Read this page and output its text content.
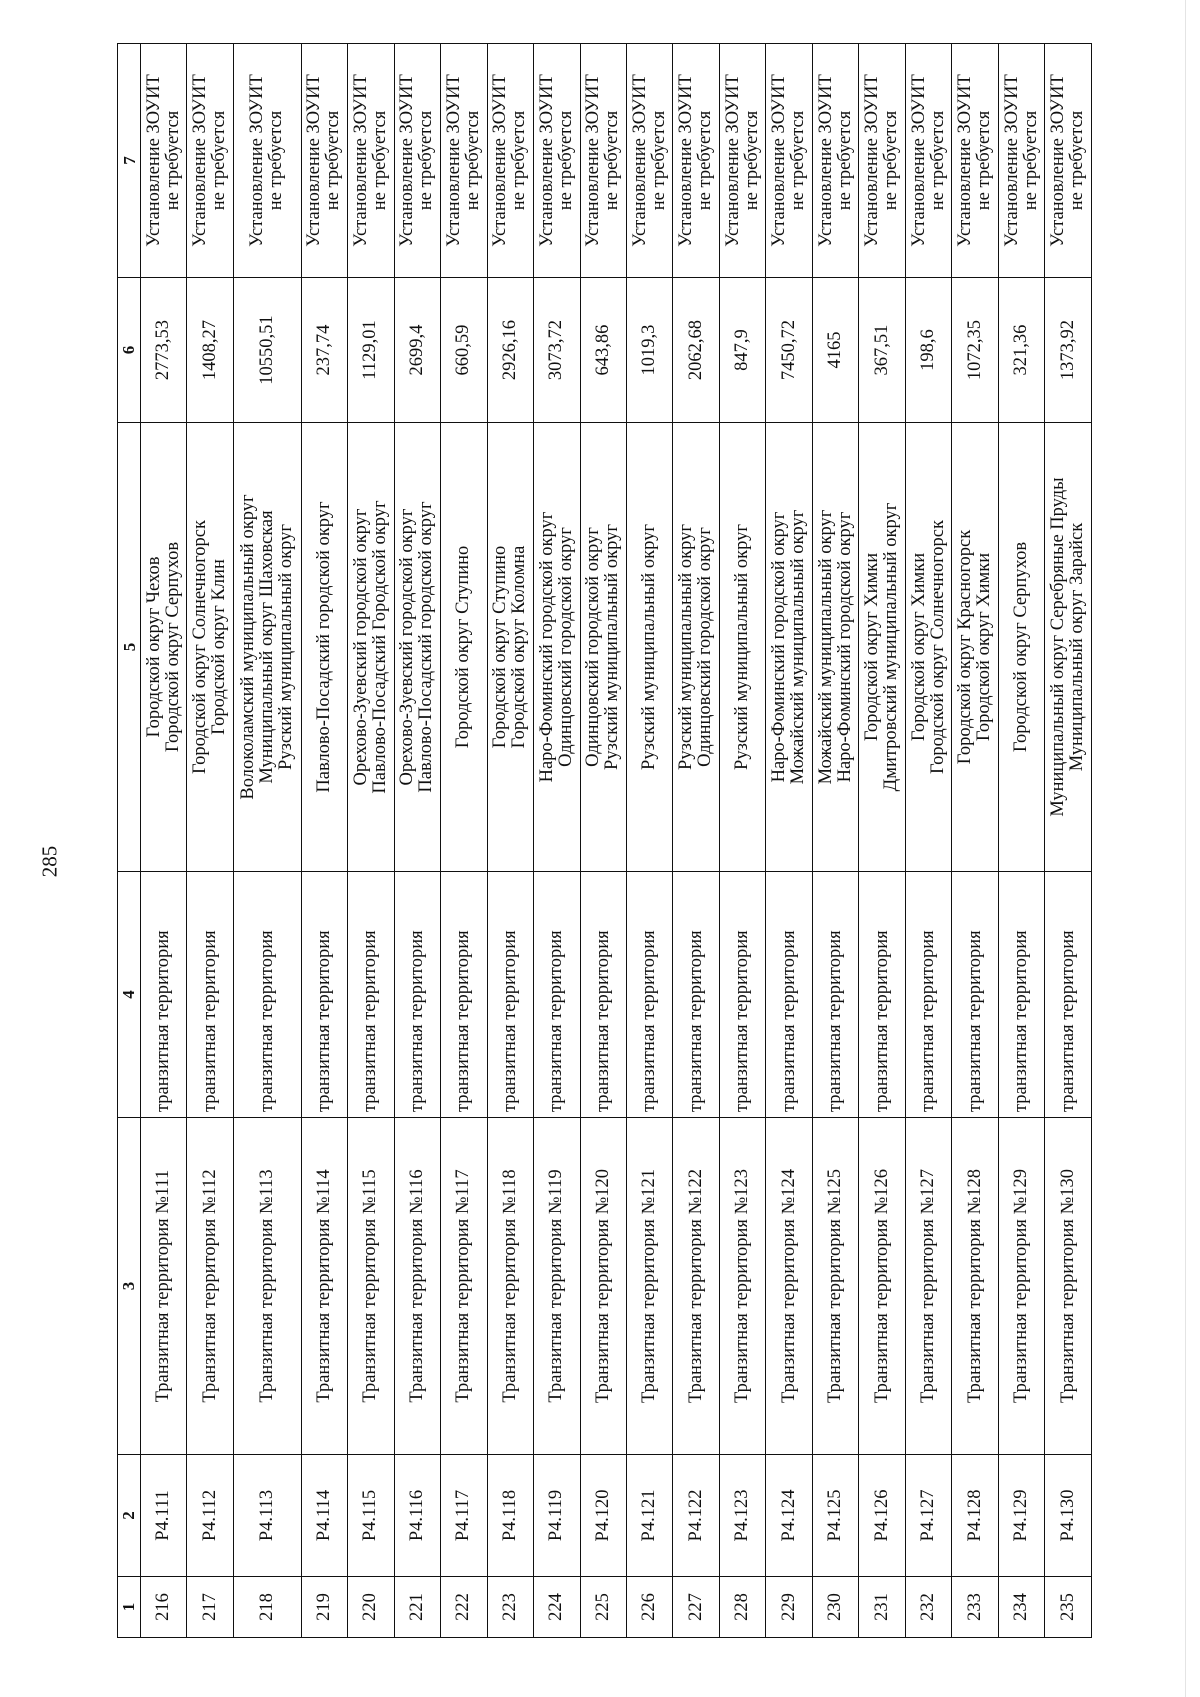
285
1	2	3	4	5	6	7
216	Р4.111	Транзитная территория №111	транзитная территория	Городской округ Чехов Городской округ Серпухов	2773,53	Установление ЗОУИТ не требуется

217	Р4.112	Транзитная территория №112	транзитная территория	Городской округ Солнечногорск Городской округ Клин	1408,27	Установление ЗОУИТ не требуется

218	Р4.113	Транзитная территория №113	транзитная территория	Волоколамский муниципальный округ Муниципальный округ Шаховская Рузский муниципальный округ	10550,51	Установление ЗОУИТ не требуется

219	Р4.114	Транзитная территория №114	транзитная территория	Павлово-Посадский городской округ	237,74	Установление ЗОУИТ не требуется

220	Р4.115	Транзитная территория №115	транзитная территория	Орехово-Зуевский городской округ Павлово-Посадский Городской округ	1129,01	Установление ЗОУИТ не требуется

221	Р4.116	Транзитная территория №116	транзитная территория	Орехово-Зуевский городской округ Павлово-Посадский городской округ	2699,4	Установление ЗОУИТ не требуется

222	Р4.117	Транзитная территория №117	транзитная территория	Городской округ Ступино	660,59	Установление ЗОУИТ не требуется

223	Р4.118	Транзитная территория №118	транзитная территория	Городской округ Ступино Городской округ Коломна	2926,16	Установление ЗОУИТ не требуется

224	Р4.119	Транзитная территория №119	транзитная территория	Наро-Фоминский городской округ Одинцовский городской округ	3073,72	Установление ЗОУИТ не требуется

225	Р4.120	Транзитная территория №120	транзитная территория	Одинцовский городской округ Рузский муниципальный округ	643,86	Установление ЗОУИТ не требуется

226	Р4.121	Транзитная территория №121	транзитная территория	Рузский муниципальный округ	1019,3	Установление ЗОУИТ не требуется

227	Р4.122	Транзитная территория №122	транзитная территория	Рузский муниципальный округ Одинцовский городской округ	2062,68	Установление ЗОУИТ не требуется

228	Р4.123	Транзитная территория №123	транзитная территория	Рузский муниципальный округ	847,9	Установление ЗОУИТ не требуется

229	Р4.124	Транзитная территория №124	транзитная территория	Наро-Фоминский городской округ Можайский муниципальный округ	7450,72	Установление ЗОУИТ не требуется

230	Р4.125	Транзитная территория №125	транзитная территория	Можайский муниципальный округ Наро-Фоминский городской округ	4165	Установление ЗОУИТ не требуется

231	Р4.126	Транзитная территория №126	транзитная территория	Городской округ Химки Дмитровский муниципальный округ	367,51	Установление ЗОУИТ не требуется

232	Р4.127	Транзитная территория №127	транзитная территория	Городской округ Химки Городской округ Солнечногорск	198,6	Установление ЗОУИТ не требуется

233	Р4.128	Транзитная территория №128	транзитная территория	Городской округ Красногорск Городской округ Химки	1072,35	Установление ЗОУИТ не требуется

234	Р4.129	Транзитная территория №129	транзитная территория	Городской округ Серпухов	321,36	Установление ЗОУИТ не требуется

235	Р4.130	Транзитная территория №130	транзитная территория	Муниципальный округ Серебряные Пруды Муниципальный округ Зарайск	1373,92	Установление ЗОУИТ не требуется
